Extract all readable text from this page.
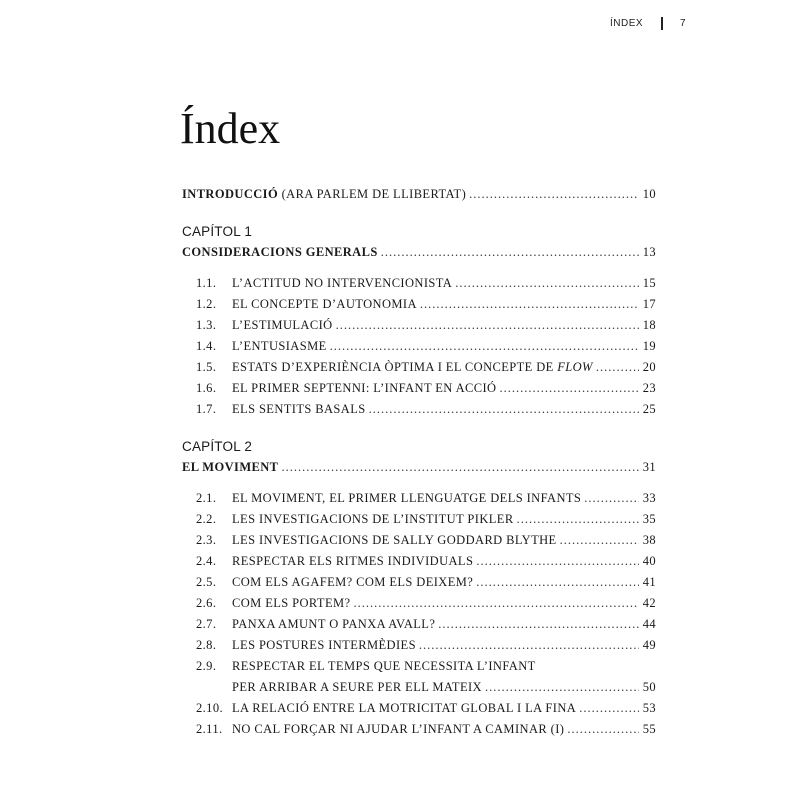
ÍNDEX	7
Índex
INTRODUCCIÓ (ARA PARLEM DE LLIBERTAT) .....	10
CAPÍTOL 1
CONSIDERACIONS GENERALS .....	13
1.1.	L’ACTITUD NO INTERVENCIONISTA .....	15
1.2.	EL CONCEPTE D’AUTONOMIA .....	17
1.3.	L’ESTIMULACIÓ .....	18
1.4.	L’ENTUSIASME .....	19
1.5.	ESTATS D’EXPERIÈNCIA ÒPTIMA I EL CONCEPTE DE FLOW .....	20
1.6.	EL PRIMER SEPTENNI: L’INFANT EN ACCIÓ .....	23
1.7.	ELS SENTITS BASALS .....	25
CAPÍTOL 2
EL MOVIMENT .....	31
2.1.	EL MOVIMENT, EL PRIMER LLENGUATGE DELS INFANTS .....	33
2.2.	LES INVESTIGACIONS DE L’INSTITUT PIKLER .....	35
2.3.	LES INVESTIGACIONS DE SALLY GODDARD BLYTHE .....	38
2.4.	RESPECTAR ELS RITMES INDIVIDUALS .....	40
2.5.	COM ELS AGAFEM? COM ELS DEIXEM? .....	41
2.6.	COM ELS PORTEM? .....	42
2.7.	PANXA AMUNT O PANXA AVALL? .....	44
2.8.	LES POSTURES INTERMÈDIES .....	49
2.9.	RESPECTAR EL TEMPS QUE NECESSITA L’INFANT
PER ARRIBAR A SEURE PER ELL MATEIX .....	50
2.10. LA RELACIÓ ENTRE LA MOTRICITAT GLOBAL I LA FINA .....	53
2.11. NO CAL FORÇAR NI AJUDAR L’INFANT A CAMINAR (I) .....	55
